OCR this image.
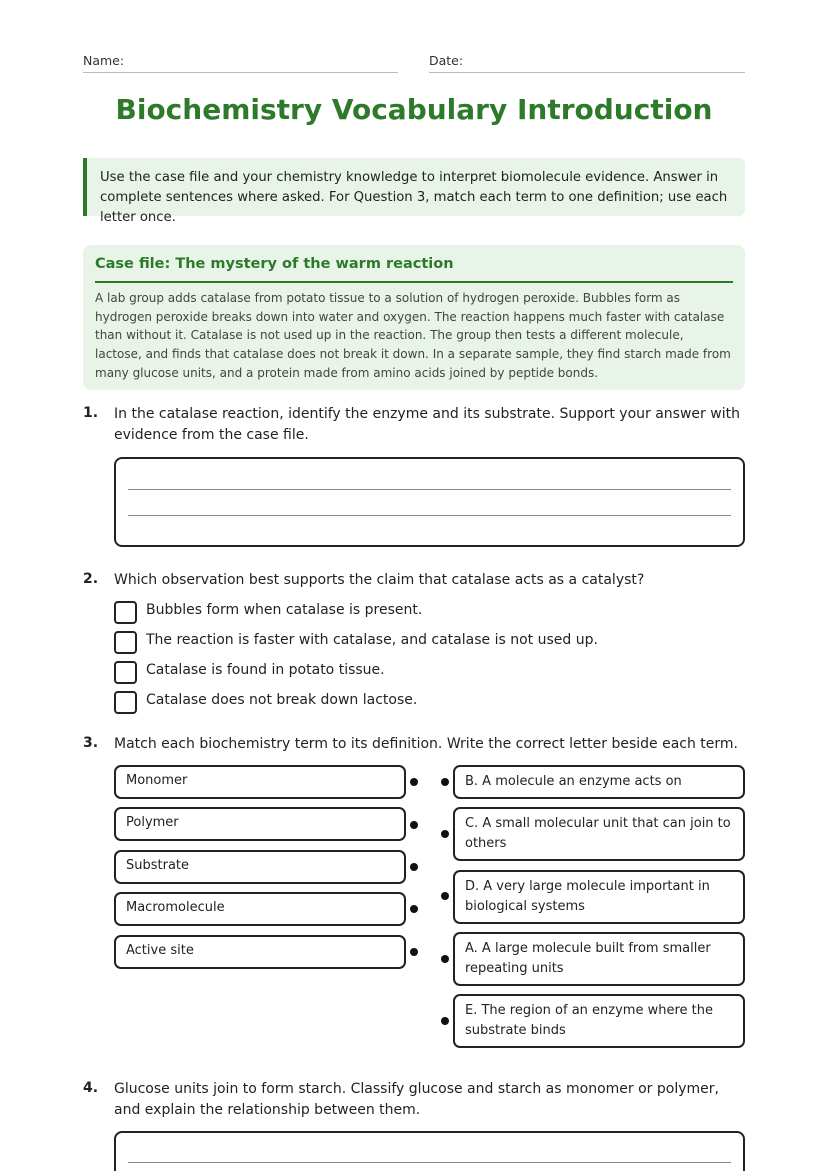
Name:	Date:
Biochemistry Vocabulary Introduction
Use the case file and your chemistry knowledge to interpret biomolecule evidence. Answer in complete sentences where asked. For Question 3, match each term to one definition; use each letter once.
Case file: The mystery of the warm reaction
A lab group adds catalase from potato tissue to a solution of hydrogen peroxide. Bubbles form as hydrogen peroxide breaks down into water and oxygen. The reaction happens much faster with catalase than without it. Catalase is not used up in the reaction. The group then tests a different molecule, lactose, and finds that catalase does not break it down. In a separate sample, they find starch made from many glucose units, and a protein made from amino acids joined by peptide bonds.
1. In the catalase reaction, identify the enzyme and its substrate. Support your answer with evidence from the case file.
2. Which observation best supports the claim that catalase acts as a catalyst?
Bubbles form when catalase is present.
The reaction is faster with catalase, and catalase is not used up.
Catalase is found in potato tissue.
Catalase does not break down lactose.
3. Match each biochemistry term to its definition. Write the correct letter beside each term.
Monomer
Polymer
Substrate
Macromolecule
Active site
B. A molecule an enzyme acts on
C. A small molecular unit that can join to others
D. A very large molecule important in biological systems
A. A large molecule built from smaller repeating units
E. The region of an enzyme where the substrate binds
4. Glucose units join to form starch. Classify glucose and starch as monomer or polymer, and explain the relationship between them.
